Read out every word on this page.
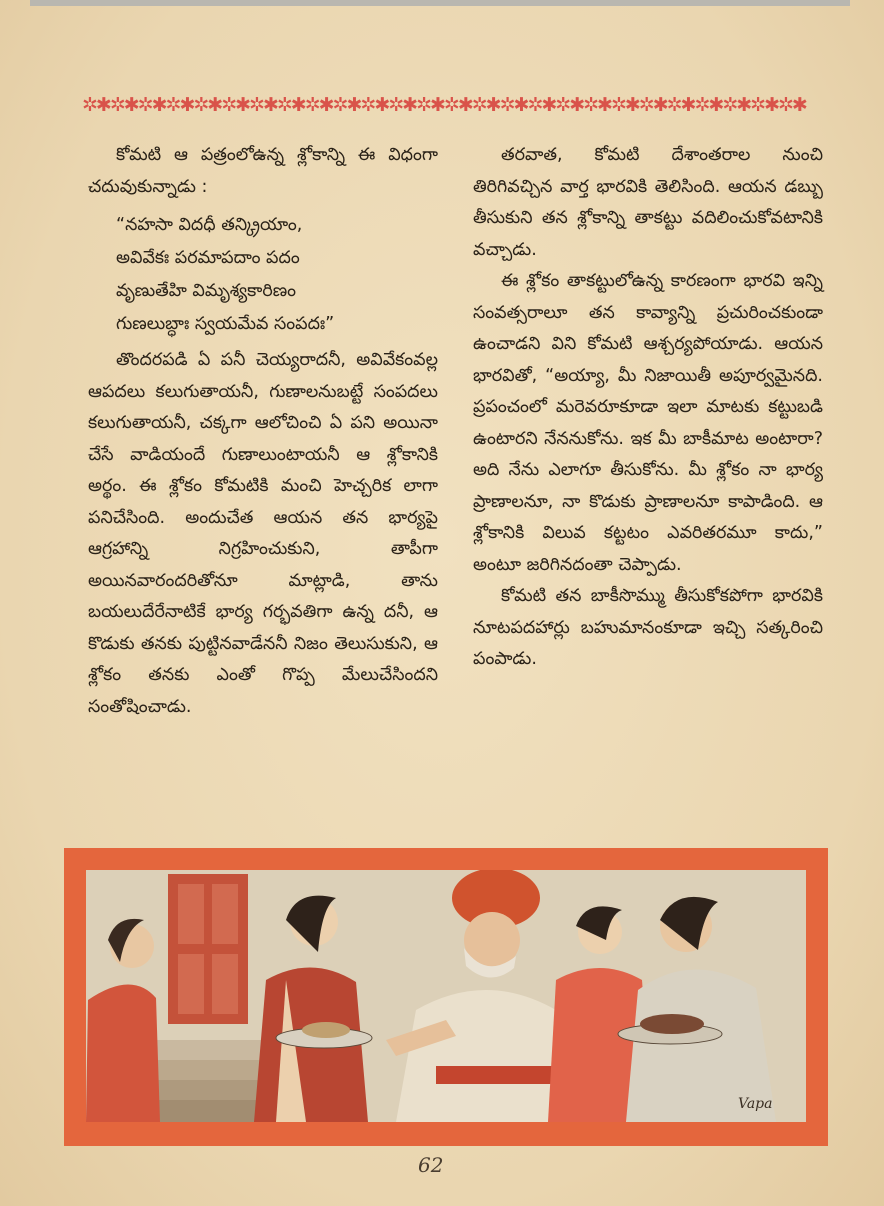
✲✱✲✱✲✱✲✱✲✱✲✱✲✱✲✱✲✱✲✱✲✱✲✱✲✱✲✱✲✱✲✱✲✱✲✱✲✱✲✱✲✱✲✱✲✱✲✱✲✱✲✱

కోమటి ఆ పత్రంలోఉన్న శ్లోకాన్ని ఈ విధంగా చదువుకున్నాడు :

“నహసా విదధీ తన్క్రియాం,
అవివేకః పరమాపదాం పదం
వృణుతేహి విమృశ్యకారిణం
గుణలుబ్ధాః స్వయమేవ సంపదః”

తొందరపడి ఏ పనీ చెయ్యరాదనీ, అవివేకంవల్ల ఆపదలు కలుగుతాయనీ, గుణాలనుబట్టే సంపదలు కలుగుతాయనీ, చక్కగా ఆలోచించి ఏ పని అయినా చేసే వాడియందే గుణాలుంటాయనీ ఆ శ్లోకానికి అర్థం. ఈ శ్లోకం కోమటికి మంచి హెచ్చరిక లాగా పనిచేసింది. అందుచేత ఆయన తన భార్యపై ఆగ్రహాన్ని నిగ్రహించుకుని, తాపీగా అయినవారందరితోనూ మాట్లాడి, తాను బయలుదేరేనాటికే భార్య గర్భవతిగా ఉన్న దనీ, ఆ కొడుకు తనకు పుట్టినవాడేననీ నిజం తెలుసుకుని, ఆ శ్లోకం తనకు ఎంతో గొప్ప మేలుచేసిందని సంతోషించాడు.

తరవాత, కోమటి దేశాంతరాల నుంచి తిరిగివచ్చిన వార్త భారవికి తెలిసింది. ఆయన డబ్బు తీసుకుని తన శ్లోకాన్ని తాకట్టు వదిలించుకోవటానికి వచ్చాడు.

ఈ శ్లోకం తాకట్టులోఉన్న కారణంగా భారవి ఇన్ని సంవత్సరాలూ తన కావ్యాన్ని ప్రచురించకుండా ఉంచాడని విని కోమటి ఆశ్చర్యపోయాడు. ఆయన భారవితో, “అయ్యా, మీ నిజాయితీ అపూర్వమైనది. ప్రపంచంలో మరెవరూకూడా ఇలా మాటకు కట్టుబడి ఉంటారని నేననుకోను. ఇక మీ బాకీమాట అంటారా? అది నేను ఎలాగూ తీసుకోను. మీ శ్లోకం నా భార్య ప్రాణాలనూ, నా కొడుకు ప్రాణాలనూ కాపాడింది. ఆ శ్లోకానికి విలువ కట్టటం ఎవరితరమూ కాదు,” అంటూ జరిగినదంతా చెప్పాడు.

కోమటి తన బాకీసొమ్ము తీసుకోకపోగా భారవికి నూటపదహార్లు బహుమానంకూడా ఇచ్చి సత్కరించి పంపాడు.

Vapa
62
